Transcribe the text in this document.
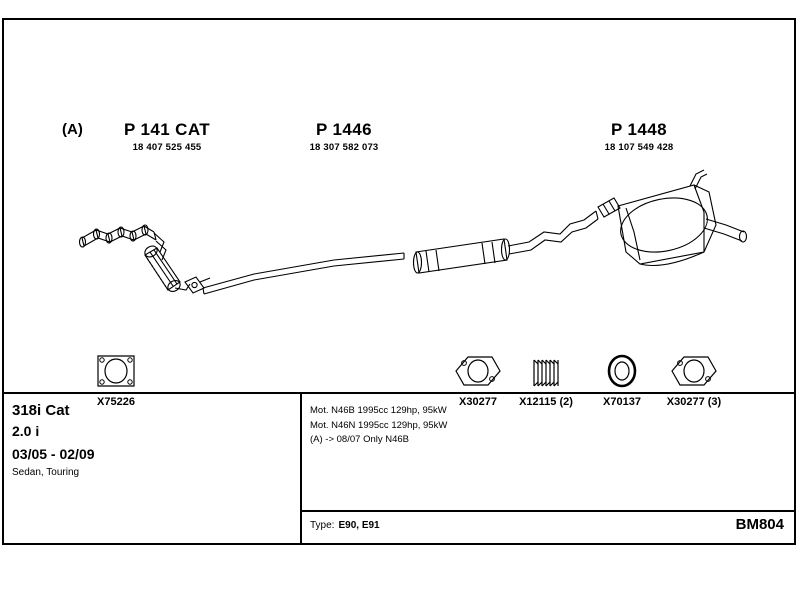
(A)	P 141 CAT
18 407 525 455
P 1446
18 307 582 073
P 1448
18 107 549 428
X75226	X30277 X12115 (2)	X70137 X30277 (3)
318i Cat
2.0 i
03/05 - 02/09
Sedan, Touring
Mot. N46B 1995cc 129hp, 95kW
Mot. N46N 1995cc 129hp, 95kW
(A) -> 08/07 Only N46B
Type: E90, E91	BM804
